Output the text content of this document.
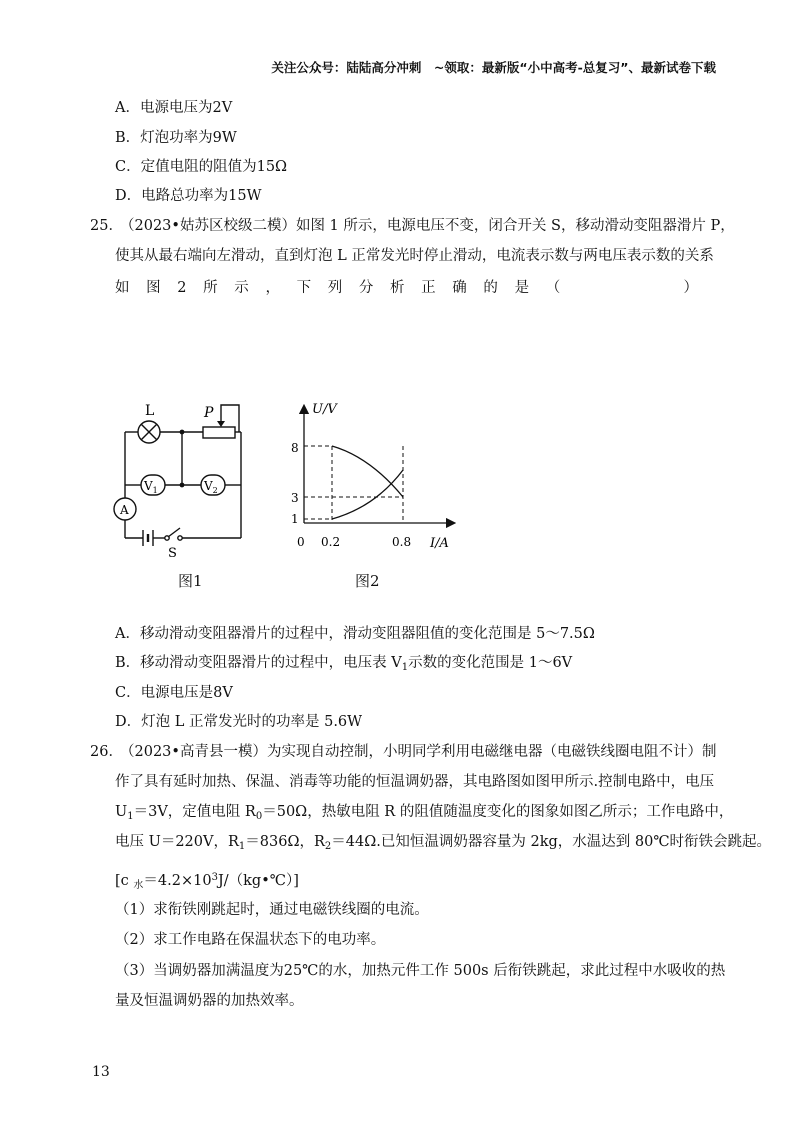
关注公众号：陆陆高分冲刺　~领取：最新版“小中高考-总复习”、最新试卷下载
A．电源电压为2V
B．灯泡功率为9W
C．定值电阻的阻值为15Ω
D．电路总功率为15W
25．
（2023•姑苏区校级二模）如图 1 所示，电源电压不变，闭合开关 S，移动滑动变阻器滑片 P，
使其从最右端向左滑动，直到灯泡 L 正常发光时停止滑动，电流表示数与两电压表示数的关系
如 图 2 所 示 ， 下 列 分 析 正 确 的 是 （	）
L	P
$V_1$	$V_2$
A
S
U/V
I/A
0
8
3
1
0.2	0.8
图1	图2
A．移动滑动变阻器滑片的过程中，滑动变阻器阻值的变化范围是 5～7.5Ω
B．移动滑动变阻器滑片的过程中，电压表 $V_1$示数的变化范围是 1～6V
C．电源电压是8V
D．灯泡 L 正常发光时的功率是 5.6W
26．
（2023•高青县一模）为实现自动控制，小明同学利用电磁继电器（电磁铁线圈电阻不计）制
作了具有延时加热、保温、消毒等功能的恒温调奶器，其电路图如图甲所示.控制电路中，电压
$U_1=3V$，定值电阻 $R_0=50\Omega$，热敏电阻 R 的阻值随温度变化的图象如图乙所示；工作电路中，
电压 U＝220V，$R_1=836\Omega$，$R_2=44\Omega$.已知恒温调奶器容量为 2kg，水温达到 80℃时衔铁会跳起。
[c $_水=4.2\times 10^3J/(kg•℃)$]
（1）求衔铁刚跳起时，通过电磁铁线圈的电流。
（2）求工作电路在保温状态下的电功率。
（3）当调奶器加满温度为25℃的水，加热元件工作 500s 后衔铁跳起，求此过程中水吸收的热
量及恒温调奶器的加热效率。
13
